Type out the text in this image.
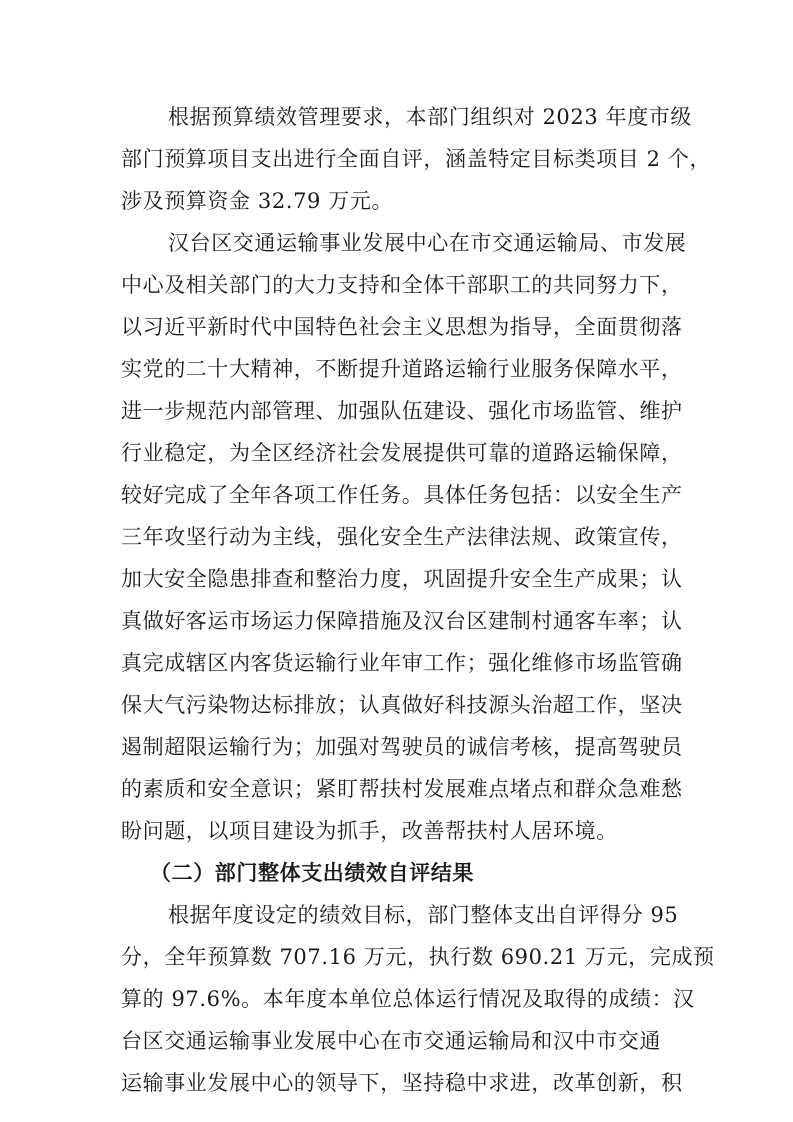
根据预算绩效管理要求，本部门组织对 2023 年度市级
部门预算项目支出进行全面自评，涵盖特定目标类项目 2 个，
涉及预算资金 32.79 万元。
汉台区交通运输事业发展中心在市交通运输局、市发展
中心及相关部门的大力支持和全体干部职工的共同努力下，
以习近平新时代中国特色社会主义思想为指导，全面贯彻落
实党的二十大精神，不断提升道路运输行业服务保障水平，
进一步规范内部管理、加强队伍建设、强化市场监管、维护
行业稳定，为全区经济社会发展提供可靠的道路运输保障，
较好完成了全年各项工作任务。具体任务包括：以安全生产
三年攻坚行动为主线，强化安全生产法律法规、政策宣传，
加大安全隐患排查和整治力度，巩固提升安全生产成果；认
真做好客运市场运力保障措施及汉台区建制村通客车率；认
真完成辖区内客货运输行业年审工作；强化维修市场监管确
保大气污染物达标排放；认真做好科技源头治超工作，坚决
遏制超限运输行为；加强对驾驶员的诚信考核，提高驾驶员
的素质和安全意识；紧盯帮扶村发展难点堵点和群众急难愁
盼问题，以项目建设为抓手，改善帮扶村人居环境。
（二）部门整体支出绩效自评结果
根据年度设定的绩效目标，部门整体支出自评得分 95
分，全年预算数 707.16 万元，执行数 690.21 万元，完成预
算的 97.6%。本年度本单位总体运行情况及取得的成绩：汉
台区交通运输事业发展中心在市交通运输局和汉中市交通
运输事业发展中心的领导下，坚持稳中求进，改革创新，积
